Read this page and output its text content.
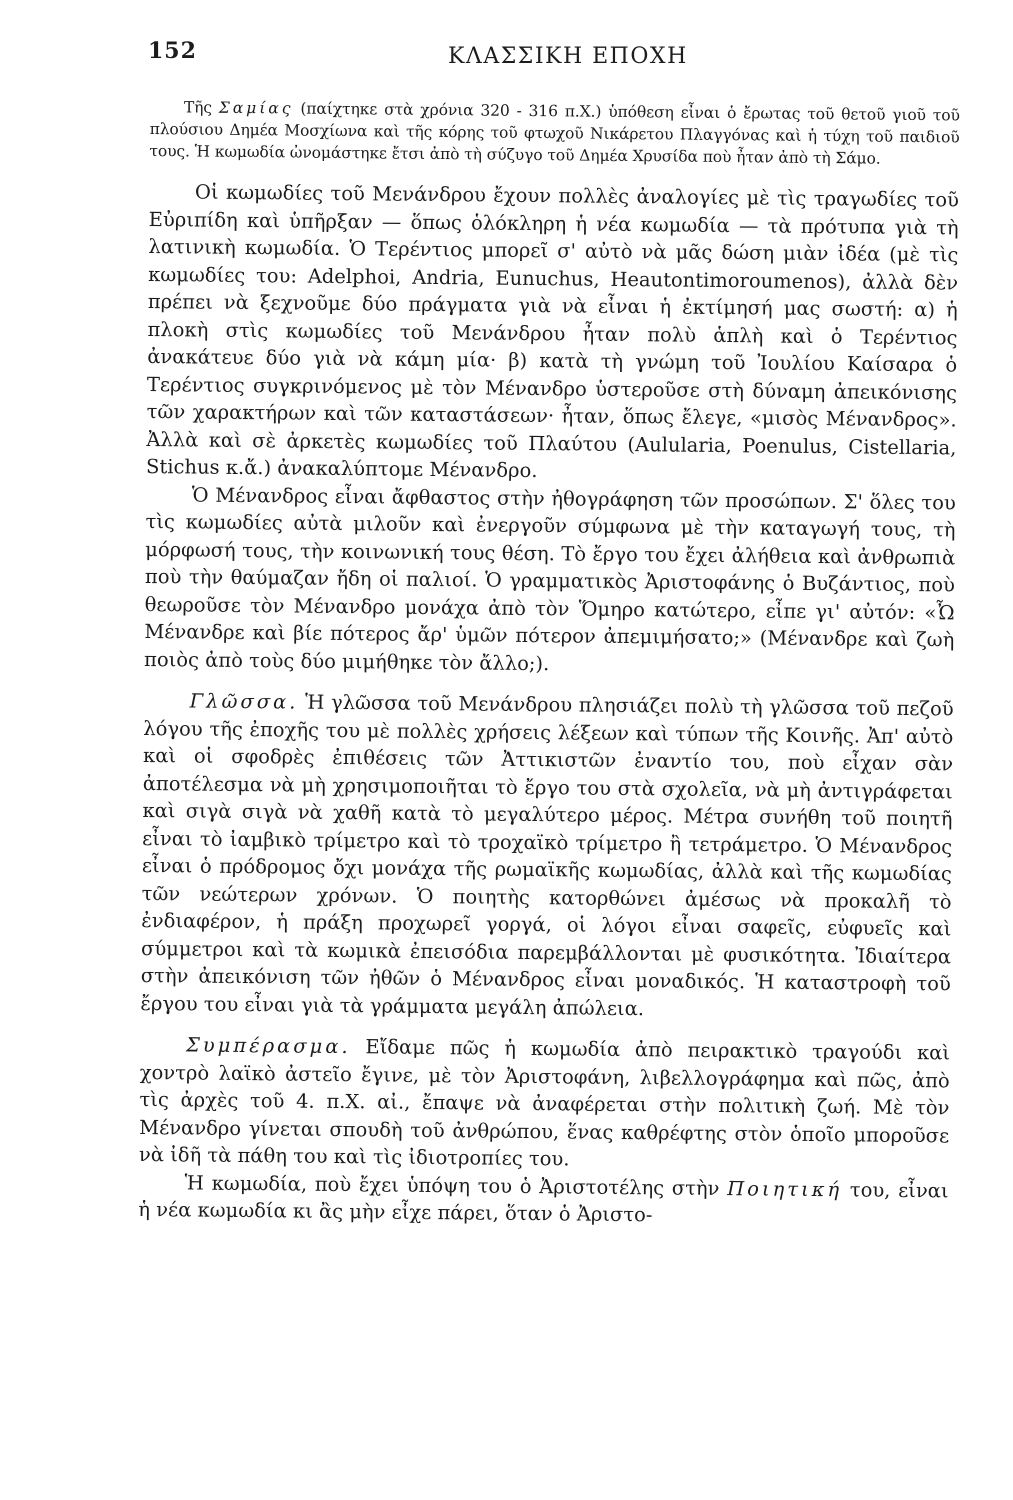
152	ΚΛΑΣΣΙΚΗ ΕΠΟΧΗ

Τῆς Σαμίας (παίχτηκε στὰ χρόνια 320 - 316 π.Χ.) ὑπόθεση εἶναι ὁ ἔρωτας τοῦ θετοῦ γιοῦ τοῦ πλούσιου Δημέα Μοσχίωνα καὶ τῆς κόρης τοῦ φτωχοῦ Νικάρετου Πλαγγόνας καὶ ἡ τύχη τοῦ παιδιοῦ τους. Ἡ κωμωδία ὠνομάστηκε ἔτσι ἀπὸ τὴ σύζυγο τοῦ Δημέα Χρυσίδα ποὺ ἦταν ἀπὸ τὴ Σάμο.

Οἱ κωμωδίες τοῦ Μενάνδρου ἔχουν πολλὲς ἀναλογίες μὲ τὶς τραγωδίες τοῦ Εὐριπίδη καὶ ὑπῆρξαν — ὅπως ὁλόκληρη ἡ νέα κωμωδία — τὰ πρότυπα γιὰ τὴ λατινικὴ κωμωδία. Ὁ Τερέντιος μπορεῖ σ' αὐτὸ νὰ μᾶς δώση μιὰν ἰδέα (μὲ τὶς κωμωδίες του: Adelphoi, Andria, Eunuchus, Heautontimoroumenos), ἀλλὰ δὲν πρέπει νὰ ξεχνοῦμε δύο πράγματα γιὰ νὰ εἶναι ἡ ἐκτίμησή μας σωστή: α) ἡ πλοκὴ στὶς κωμωδίες τοῦ Μενάνδρου ἦταν πολὺ ἁπλὴ καὶ ὁ Τερέντιος ἀνακάτευε δύο γιὰ νὰ κάμη μία· β) κατὰ τὴ γνώμη τοῦ Ἰουλίου Καίσαρα ὁ Τερέντιος συγκρινόμενος μὲ τὸν Μένανδρο ὑστεροῦσε στὴ δύναμη ἀπεικόνισης τῶν χαρακτήρων καὶ τῶν καταστάσεων· ἦταν, ὅπως ἔλεγε, «μισὸς Μένανδρος». Ἀλλὰ καὶ σὲ ἀρκετὲς κωμωδίες τοῦ Πλαύτου (Aulularia, Poenulus, Cistellaria, Stichus κ.ἄ.) ἀνακαλύπτομε Μένανδρο.

Ὁ Μένανδρος εἶναι ἄφθαστος στὴν ἠθογράφηση τῶν προσώπων. Σ' ὅλες του τὶς κωμωδίες αὐτὰ μιλοῦν καὶ ἐνεργοῦν σύμφωνα μὲ τὴν καταγωγή τους, τὴ μόρφωσή τους, τὴν κοινωνική τους θέση. Τὸ ἔργο του ἔχει ἀλήθεια καὶ ἀνθρωπιὰ ποὺ τὴν θαύμαζαν ἤδη οἱ παλιοί. Ὁ γραμματικὸς Ἀριστοφάνης ὁ Βυζάντιος, ποὺ θεωροῦσε τὸν Μένανδρο μονάχα ἀπὸ τὸν Ὅμηρο κατώτερο, εἶπε γι' αὐτόν: «Ὦ Μένανδρε καὶ βίε πότερος ἄρ' ὑμῶν πότερον ἀπεμιμήσατο;» (Μένανδρε καὶ ζωὴ ποιὸς ἀπὸ τοὺς δύο μιμήθηκε τὸν ἄλλο;).

Γλῶσσα. Ἡ γλῶσσα τοῦ Μενάνδρου πλησιάζει πολὺ τὴ γλῶσσα τοῦ πεζοῦ λόγου τῆς ἐποχῆς του μὲ πολλὲς χρήσεις λέξεων καὶ τύπων τῆς Κοινῆς. Ἀπ' αὐτὸ καὶ οἱ σφοδρὲς ἐπιθέσεις τῶν Ἀττικιστῶν ἐναντίο του, ποὺ εἶχαν σὰν ἀποτέλεσμα νὰ μὴ χρησιμοποιῆται τὸ ἔργο του στὰ σχολεῖα, νὰ μὴ ἀντιγράφεται καὶ σιγὰ σιγὰ νὰ χαθῆ κατὰ τὸ μεγαλύτερο μέρος. Μέτρα συνήθη τοῦ ποιητῆ εἶναι τὸ ἰαμβικὸ τρίμετρο καὶ τὸ τροχαϊκὸ τρίμετρο ἢ τετράμετρο. Ὁ Μένανδρος εἶναι ὁ πρόδρομος ὄχι μονάχα τῆς ρωμαϊκῆς κωμωδίας, ἀλλὰ καὶ τῆς κωμωδίας τῶν νεώτερων χρόνων. Ὁ ποιητὴς κατορθώνει ἀμέσως νὰ προκαλῆ τὸ ἐνδιαφέρον, ἡ πράξη προχωρεῖ γοργά, οἱ λόγοι εἶναι σαφεῖς, εὐφυεῖς καὶ σύμμετροι καὶ τὰ κωμικὰ ἐπεισόδια παρεμβάλλονται μὲ φυσικότητα. Ἰδιαίτερα στὴν ἀπεικόνιση τῶν ἠθῶν ὁ Μένανδρος εἶναι μοναδικός. Ἡ καταστροφὴ τοῦ ἔργου του εἶναι γιὰ τὰ γράμματα μεγάλη ἀπώλεια.

Συμπέρασμα. Εἴδαμε πῶς ἡ κωμωδία ἀπὸ πειρακτικὸ τραγούδι καὶ χοντρὸ λαϊκὸ ἀστεῖο ἔγινε, μὲ τὸν Ἀριστοφάνη, λιβελλογράφημα καὶ πῶς, ἀπὸ τὶς ἀρχὲς τοῦ 4. π.Χ. αἰ., ἔπαψε νὰ ἀναφέρεται στὴν πολιτικὴ ζωή. Μὲ τὸν Μένανδρο γίνεται σπουδὴ τοῦ ἀνθρώπου, ἕνας καθρέφτης στὸν ὁποῖο μποροῦσε νὰ ἰδῆ τὰ πάθη του καὶ τὶς ἰδιοτροπίες του.

Ἡ κωμωδία, ποὺ ἔχει ὑπόψη του ὁ Ἀριστοτέλης στὴν Ποιητική του, εἶναι ἡ νέα κωμωδία κι ἂς μὴν εἶχε πάρει, ὅταν ὁ Ἀριστο-
